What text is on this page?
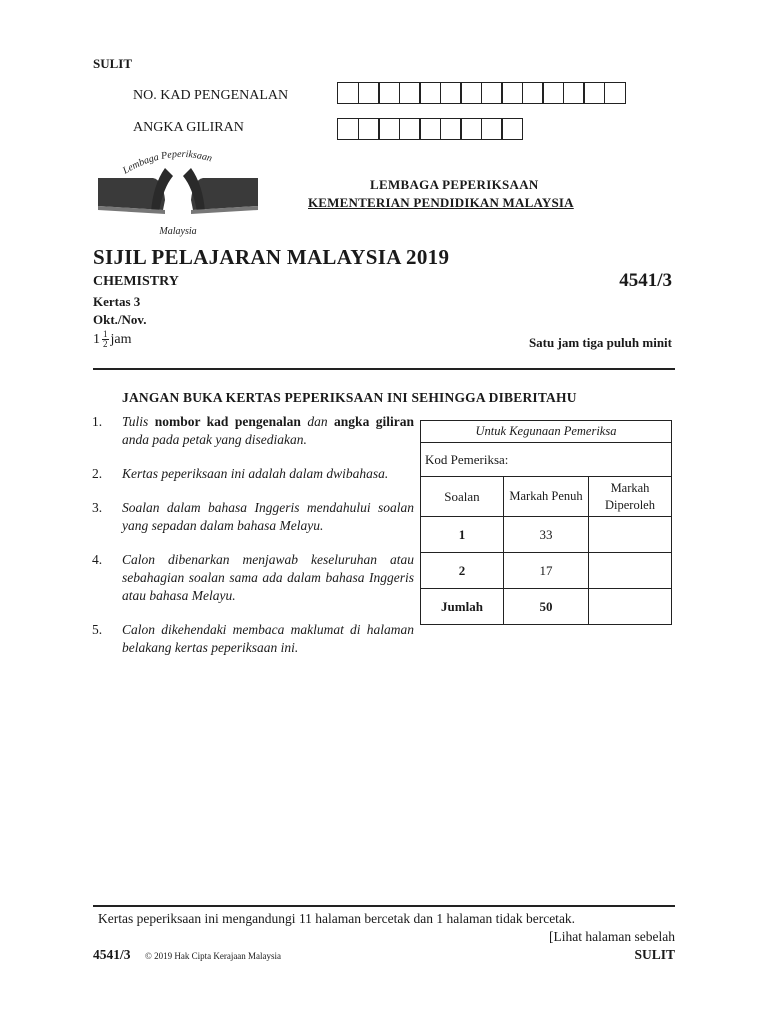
SULIT
NO. KAD PENGENALAN
ANGKA GILIRAN
Lembaga Peperiksaan
Malaysia
LEMBAGA PEPERIKSAAN
KEMENTERIAN PENDIDIKAN MALAYSIA
SIJIL PELAJARAN MALAYSIA 2019
CHEMISTRY	4541/3
Kertas 3
Okt./Nov.
$1 \frac{1}{2}$ jam	Satu jam tiga puluh minit
JANGAN BUKA KERTAS PEPERIKSAAN INI SEHINGGA DIBERITAHU
1.	Tulis nombor kad pengenalan dan angka giliran anda pada petak yang disediakan.
2.	Kertas peperiksaan ini adalah dalam dwibahasa.
3.	Soalan dalam bahasa Inggeris mendahului soalan yang sepadan dalam bahasa Melayu.
4.	Calon dibenarkan menjawab keseluruhan atau sebahagian soalan sama ada dalam bahasa Inggeris atau bahasa Melayu.
5.	Calon dikehendaki membaca maklumat di halaman belakang kertas peperiksaan ini.
Untuk Kegunaan Pemeriksa		
Kod Pemeriksa:		
Soalan	Markah Penuh	Markah Diperoleh
1	33	
2	17	
Jumlah	50	
Kertas peperiksaan ini mengandungi 11 halaman bercetak dan 1 halaman tidak bercetak.
[Lihat halaman sebelah
4541/3 © 2019 Hak Cipta Kerajaan Malaysia	SULIT
